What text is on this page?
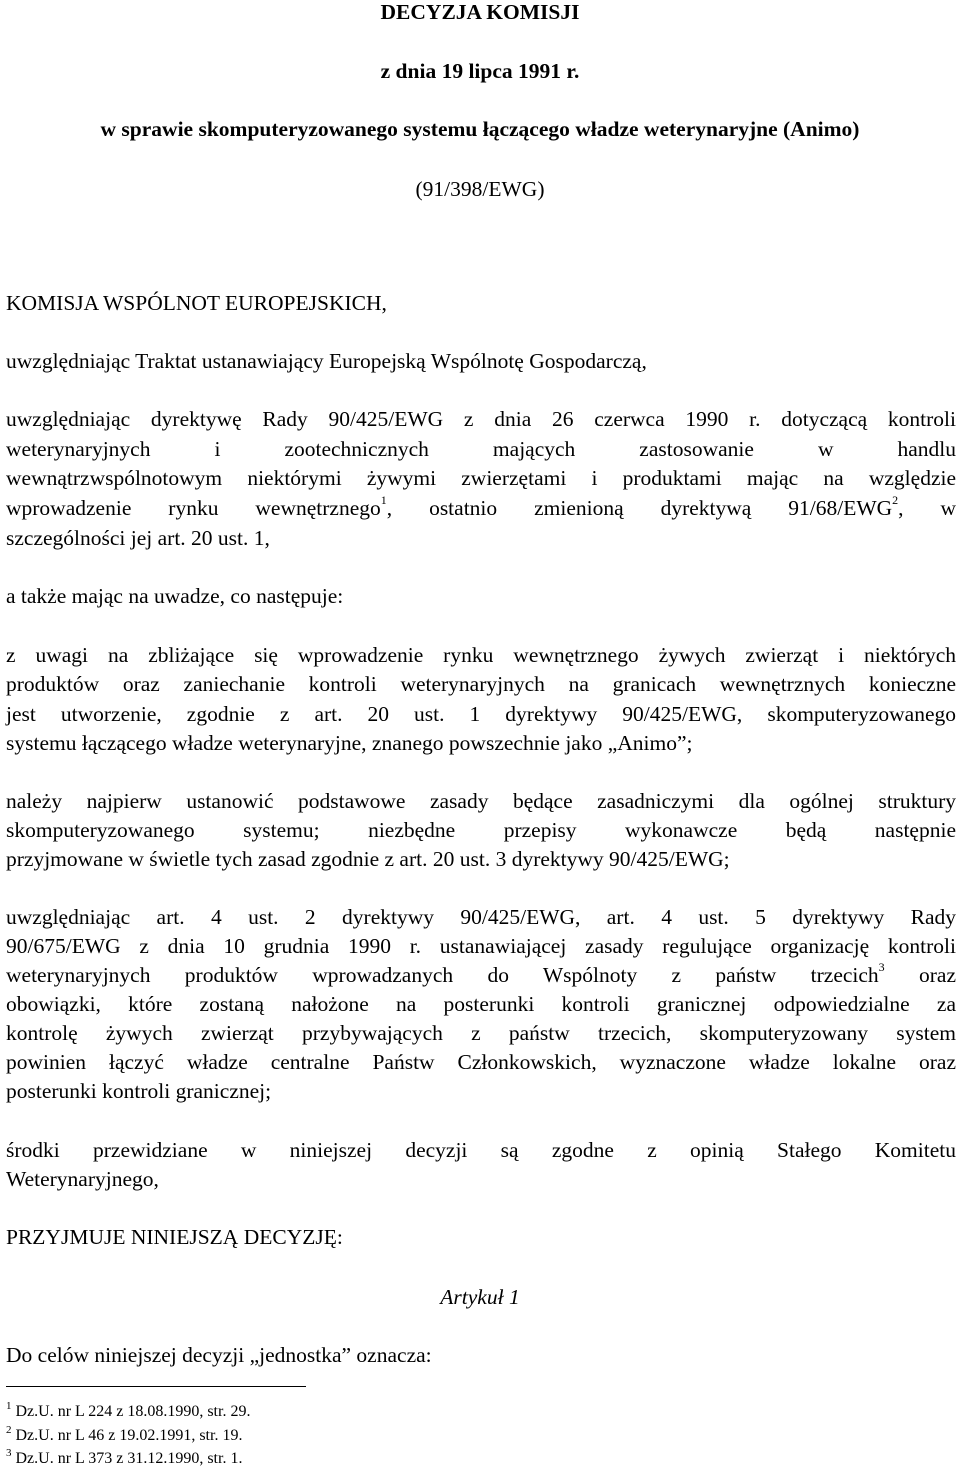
DECYZJA KOMISJI
z dnia 19 lipca 1991 r.
w sprawie skomputeryzowanego systemu łączącego władze weterynaryjne (Animo)
(91/398/EWG)
KOMISJA WSPÓLNOT EUROPEJSKICH,
uwzględniając Traktat ustanawiający Europejską Wspólnotę Gospodarczą,
uwzględniając dyrektywę Rady 90/425/EWG z dnia 26 czerwca 1990 r. dotyczącą kontroli
weterynaryjnych i zootechnicznych mających zastosowanie w handlu
wewnątrzwspólnotowym niektórymi żywymi zwierzętami i produktami mając na względzie
wprowadzenie rynku wewnętrznego$^1$, ostatnio zmienioną dyrektywą 91/68/EWG$^2$, w
szczególności jej art. 20 ust. 1,
a także mając na uwadze, co następuje:
z uwagi na zbliżające się wprowadzenie rynku wewnętrznego żywych zwierząt i niektórych
produktów oraz zaniechanie kontroli weterynaryjnych na granicach wewnętrznych konieczne
jest utworzenie, zgodnie z art. 20 ust. 1 dyrektywy 90/425/EWG, skomputeryzowanego
systemu łączącego władze weterynaryjne, znanego powszechnie jako „Animo”;
należy najpierw ustanowić podstawowe zasady będące zasadniczymi dla ogólnej struktury
skomputeryzowanego systemu; niezbędne przepisy wykonawcze będą następnie
przyjmowane w świetle tych zasad zgodnie z art. 20 ust. 3 dyrektywy 90/425/EWG;
uwzględniając art. 4 ust. 2 dyrektywy 90/425/EWG, art. 4 ust. 5 dyrektywy Rady
90/675/EWG z dnia 10 grudnia 1990 r. ustanawiającej zasady regulujące organizację kontroli
weterynaryjnych produktów wprowadzanych do Wspólnoty z państw trzecich$^3$ oraz
obowiązki, które zostaną nałożone na posterunki kontroli granicznej odpowiedzialne za
kontrolę żywych zwierząt przybywających z państw trzecich, skomputeryzowany system
powinien łączyć władze centralne Państw Członkowskich, wyznaczone władze lokalne oraz
posterunki kontroli granicznej;
środki przewidziane w niniejszej decyzji są zgodne z opinią Stałego Komitetu
Weterynaryjnego,
PRZYJMUJE NINIEJSZĄ DECYZJĘ:
Artykuł 1
Do celów niniejszej decyzji „jednostka” oznacza:
$^1$ Dz.U. nr L 224 z 18.08.1990, str. 29.
$^2$ Dz.U. nr L 46 z 19.02.1991, str. 19.
$^3$ Dz.U. nr L 373 z 31.12.1990, str. 1.
